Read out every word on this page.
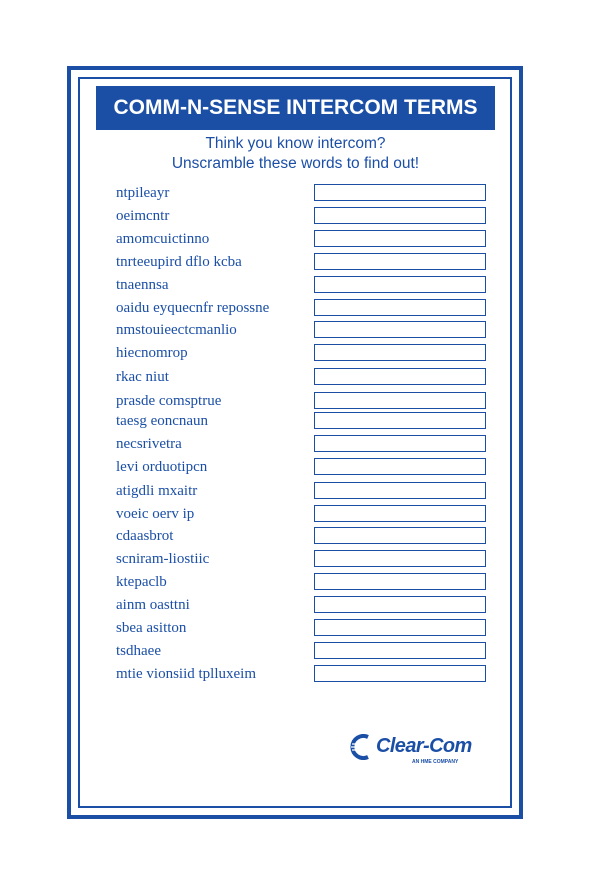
COMM-N-SENSE INTERCOM TERMS
Think you know intercom?
Unscramble these words to find out!
ntpileayr
oeimcntr
amomcuictinno
tnrteeupird dflo kcba
tnaennsa
oaidu eyquecnfr repossne
nmstouieectcmanlio
hiecnomrop
rkac niut
prasde comsptrue
taesg eoncnaun
necsrivetra
levi orduotipcn
atigdli mxaitr
voeic oerv ip
cdaasbrot
scniram-liostiic
ktepaclb
ainm oasttni
sbea asitton
tsdhaee
mtie vionsiid tplluxeim
Clear-Com
AN HME COMPANY
